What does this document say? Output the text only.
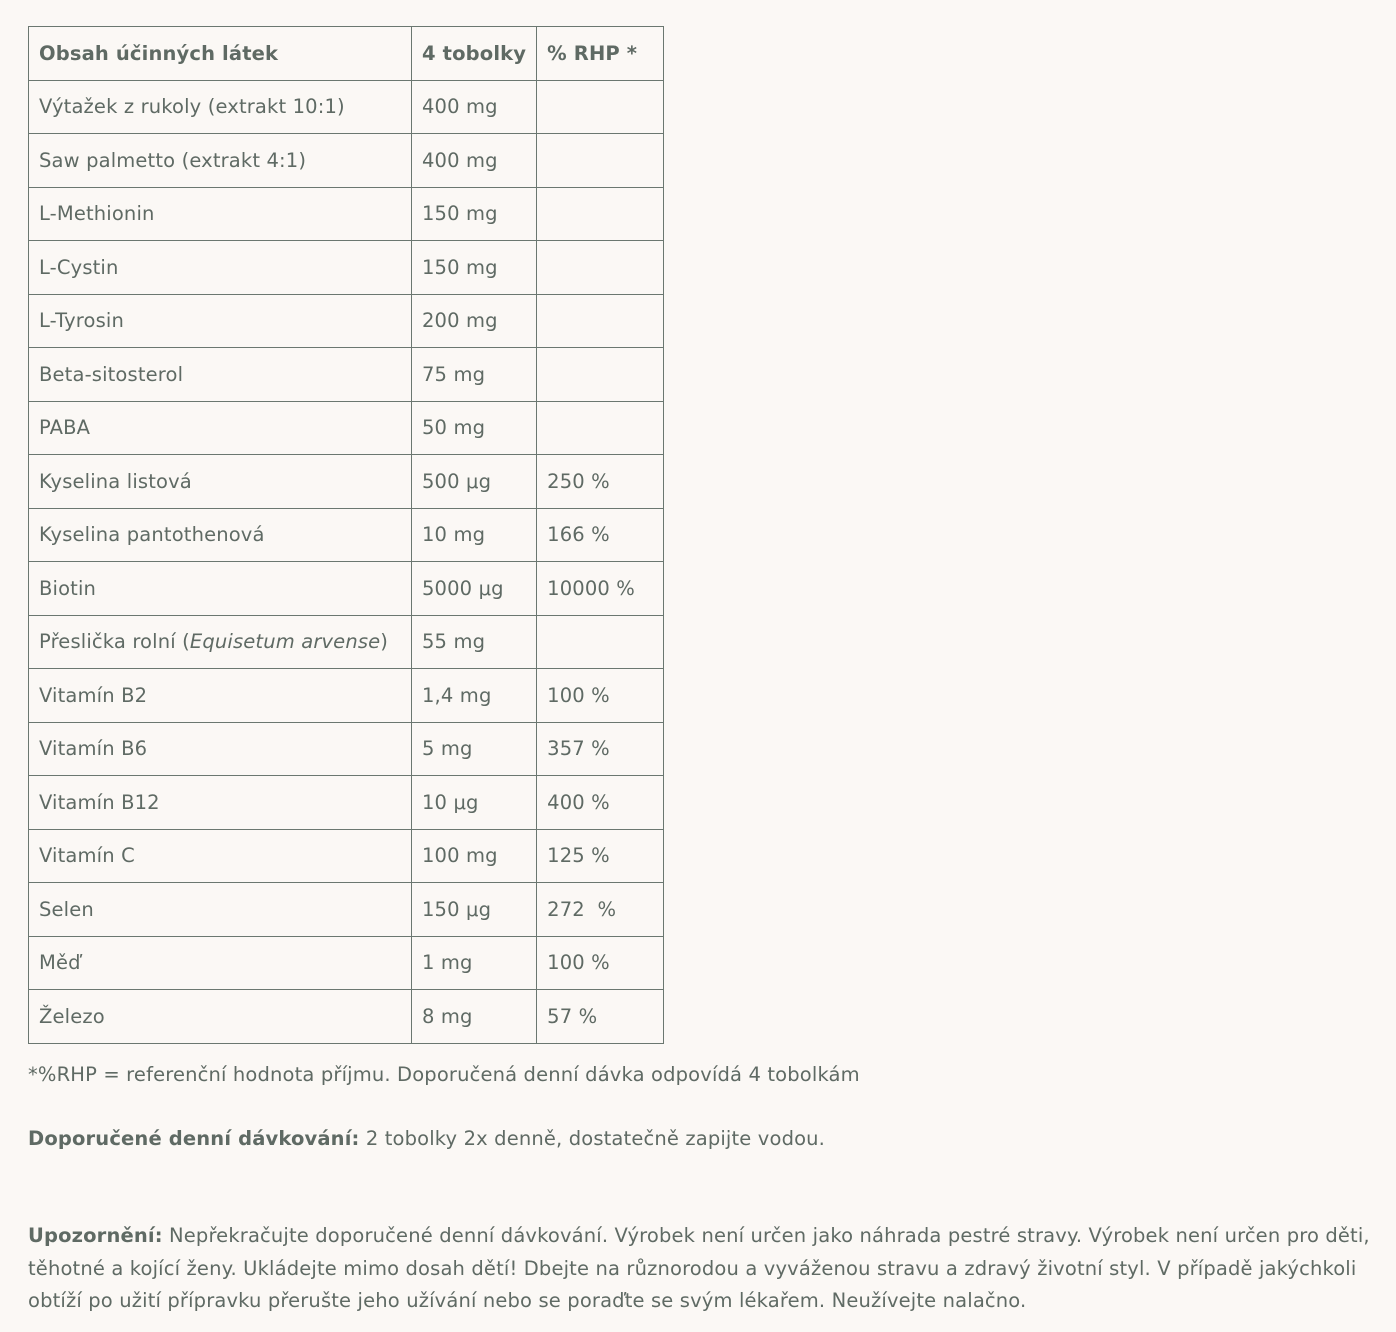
Obsah účinných látek	4 tobolky	% RHP *
Výtažek z rukoly (extrakt 10:1)	400 mg	
Saw palmetto (extrakt 4:1)	400 mg	
L-Methionin	150 mg	
L-Cystin	150 mg	
L-Tyrosin	200 mg	
Beta-sitosterol	75 mg	
PABA	50 mg	
Kyselina listová	500 μg	250 %
Kyselina pantothenová	10 mg	166 %
Biotin	5000 μg	10000 %
Přeslička rolní (Equisetum arvense)	55 mg	
Vitamín B2	1,4 mg	100 %
Vitamín B6	5 mg	357 %
Vitamín B12	10 μg	400 %
Vitamín C	100 mg	125 %
Selen	150 μg	272  %
Měď	1 mg	100 %
Železo	8 mg	57 %

*%RHP = referenční hodnota příjmu. Doporučená denní dávka odpovídá 4 tobolkám

Doporučené denní dávkování: 2 tobolky 2x denně, dostatečně zapijte vodou.

Upozornění: Nepřekračujte doporučené denní dávkování. Výrobek není určen jako náhrada pestré stravy. Výrobek není určen pro děti, těhotné a kojící ženy. Ukládejte mimo dosah dětí! Dbejte na různorodou a vyváženou stravu a zdravý životní styl. V případě jakýchkoli obtíží po užití přípravku přerušte jeho užívání nebo se poraďte se svým lékařem. Neužívejte nalačno.
